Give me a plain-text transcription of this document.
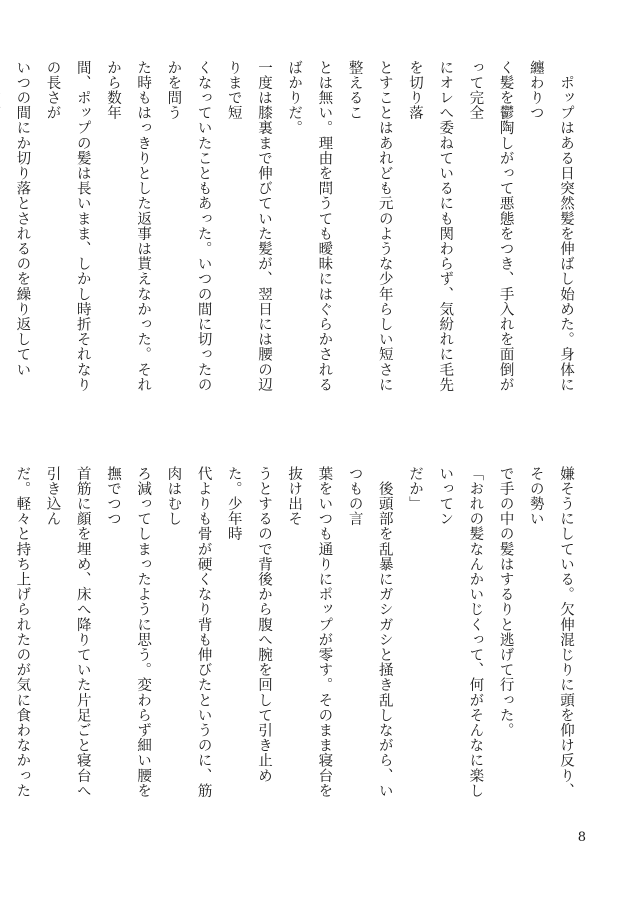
　ポップはある日突然髪を伸ばし始めた。身体に纏わりつ
く髪を鬱陶しがって悪態をつき、手入れを面倒がって完全
にオレへ委ねているにも関わらず、気紛れに毛先を切り落
とすことはあれども元のような少年らしい短さに整えるこ
とは無い。理由を問うても曖昧にはぐらかされるばかりだ。
一度は膝裏まで伸びていた髪が、翌日には腰の辺りまで短
くなっていたこともあった。いつの間に切ったのかを問う
た時もはっきりとした返事は貰えなかった。それから数年
間、ポップの髪は長いまま、しかし時折それなりの長さが
いつの間にか切り落とされるのを繰り返してい
嫌そうにしている。欠伸混じりに頭を仰け反り、その勢い
で手の中の髪はするりと逃げて行った。
「おれの髪なんかいじくって、何がそんなに楽しいってン
だか」
　後頭部を乱暴にガシガシと掻き乱しながら、いつもの言
葉をいつも通りにポップが零す。そのまま寝台を抜け出そ
うとするので背後から腹へ腕を回して引き止めた。少年時
代よりも骨が硬くなり背も伸びたというのに、筋肉はむし
ろ減ってしまったように思う。変わらず細い腰を撫でつつ
首筋に顔を埋め、床へ降りていた片足ごと寝台へ引き込ん
だ。軽々と持ち上げられたのが気に食わなかった
8
